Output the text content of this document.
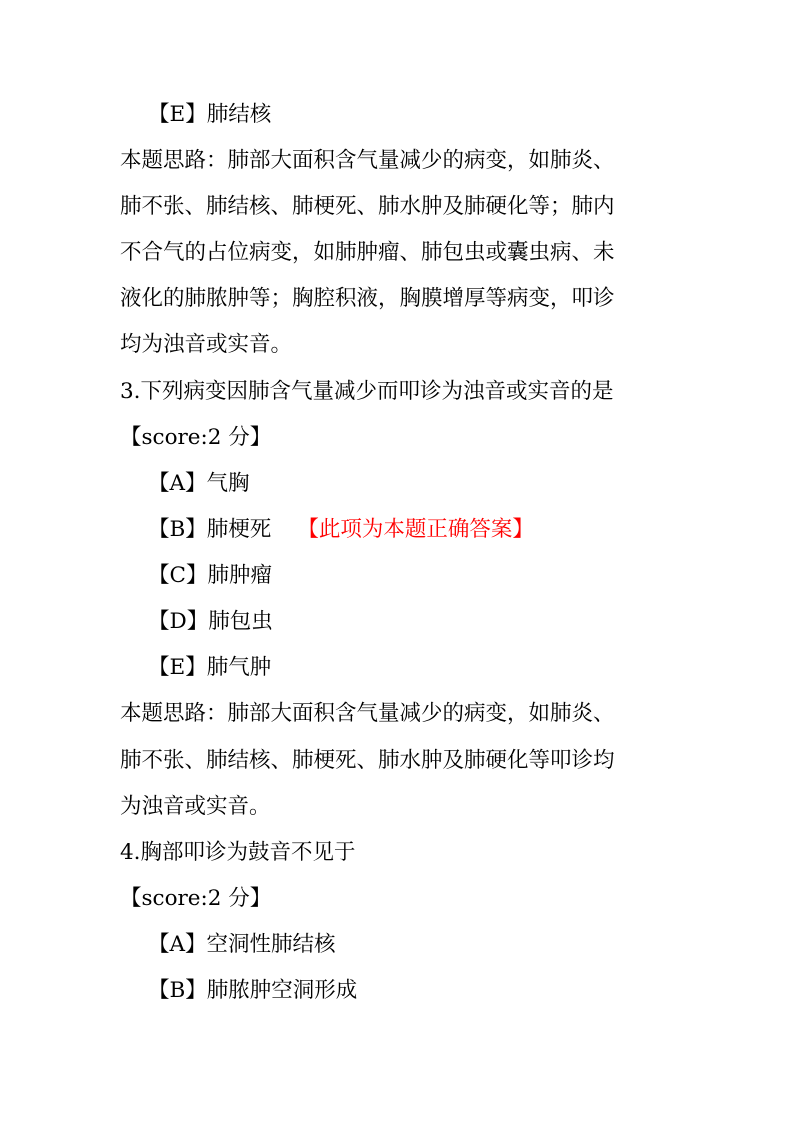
【E】肺结核
本题思路：肺部大面积含气量减少的病变，如肺炎、
肺不张、肺结核、肺梗死、肺水肿及肺硬化等；肺内
不合气的占位病变，如肺肿瘤、肺包虫或囊虫病、未
液化的肺脓肿等；胸腔积液，胸膜增厚等病变，叩诊
均为浊音或实音。
3.下列病变因肺含气量减少而叩诊为浊音或实音的是
【score:2 分】
【A】气胸
【B】肺梗死 【此项为本题正确答案】
【C】肺肿瘤
【D】肺包虫
【E】肺气肿
本题思路：肺部大面积含气量减少的病变，如肺炎、
肺不张、肺结核、肺梗死、肺水肿及肺硬化等叩诊均
为浊音或实音。
4.胸部叩诊为鼓音不见于
【score:2 分】
【A】空洞性肺结核
【B】肺脓肿空洞形成
